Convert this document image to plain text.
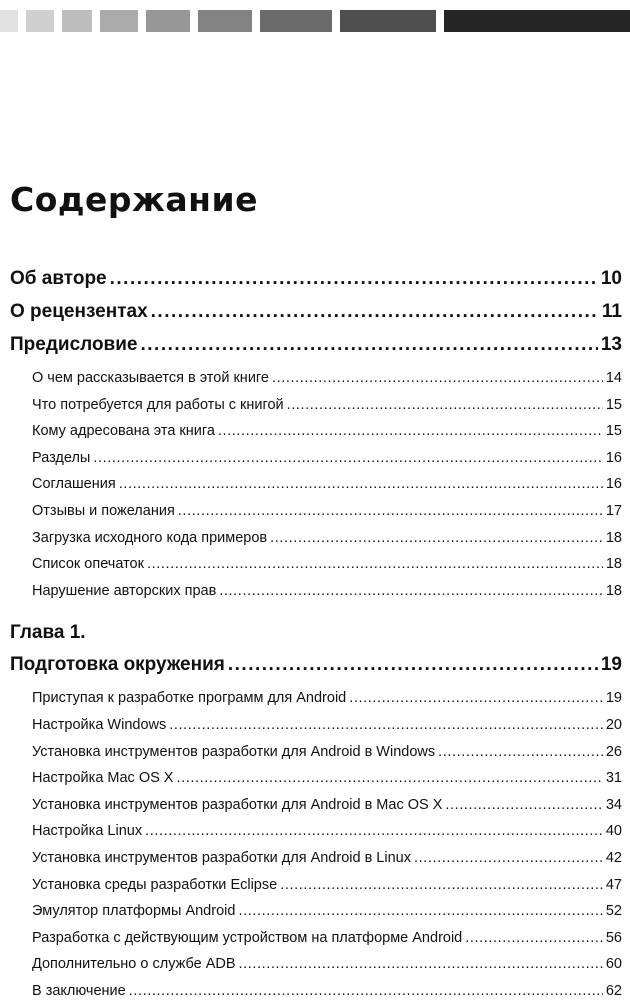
Содержание
Об авторе .....	10
О рецензентах .....	11
Предисловие .....	13
О чем рассказывается в этой книге .....	14
Что потребуется для работы с книгой .....	15
Кому адресована эта книга .....	15
Разделы .....	16
Соглашения .....	16
Отзывы и пожелания .....	17
Загрузка исходного кода примеров .....	18
Список опечаток .....	18
Нарушение авторских прав .....	18
Глава 1.
Подготовка окружения .....	19
Приступая к разработке программ для Android .....	19
Настройка Windows .....	20
Установка инструментов разработки для Android в Windows .....	26
Настройка Mac OS X .....	31
Установка инструментов разработки для Android в Mac OS X .....	34
Настройка Linux .....	40
Установка инструментов разработки для Android в Linux .....	42
Установка среды разработки Eclipse .....	47
Эмулятор платформы Android .....	52
Разработка с действующим устройством на платформе Android .....	56
Дополнительно о службе ADB .....	60
В заключение .....	62
